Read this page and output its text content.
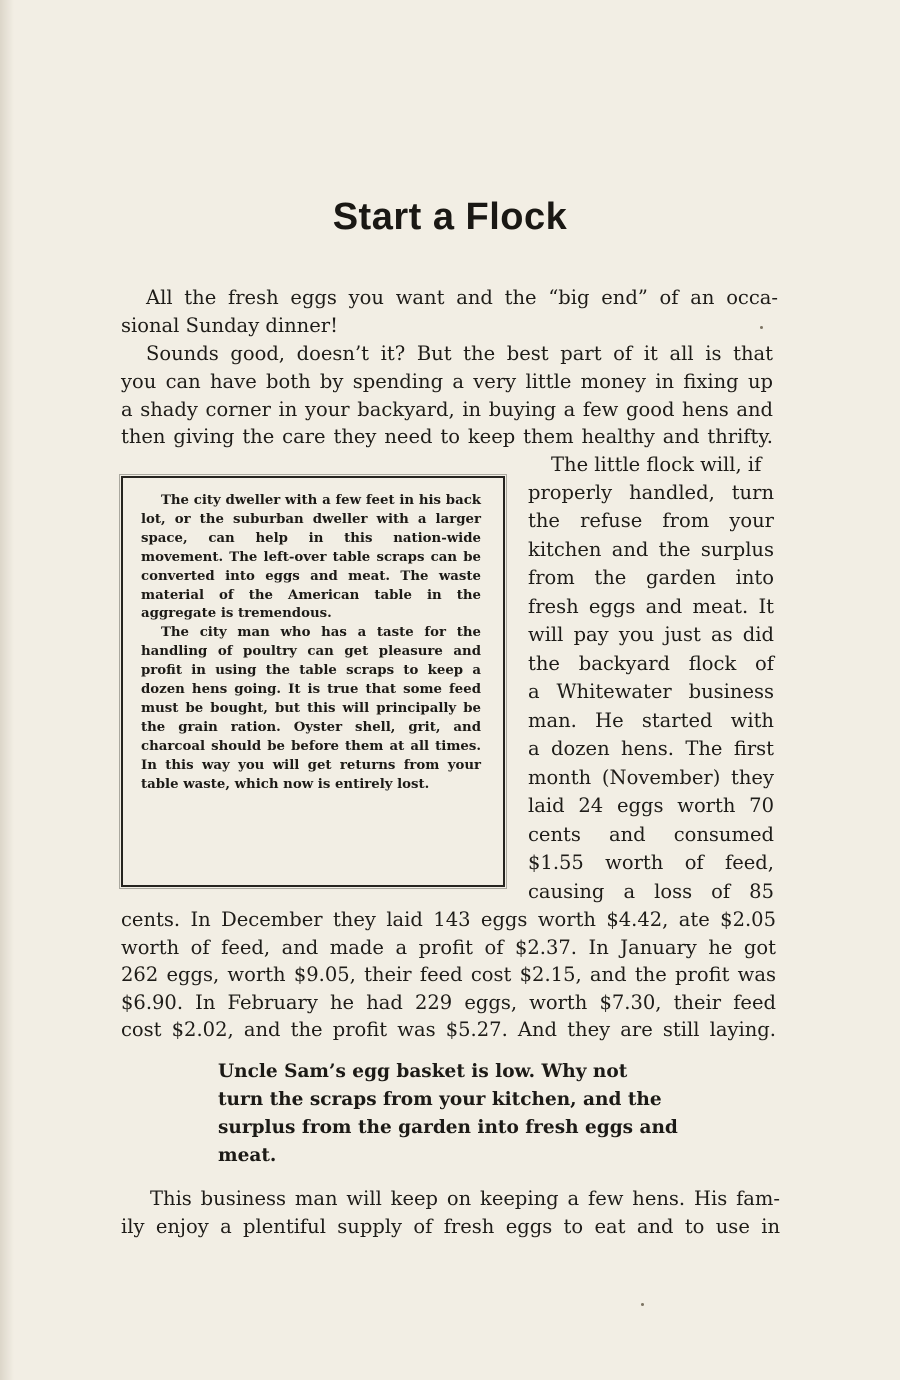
Start a Flock
All the fresh eggs you want and the “big end” of an occa-
sional Sunday dinner!
Sounds good, doesn’t it? But the best part of it all is that
you can have both by spending a very little money in fixing up
a shady corner in your backyard, in buying a few good hens and
then giving the care they need to keep them healthy and thrifty.

The city dweller with a few feet in his back lot, or the suburban dweller with a larger space, can help in this nation-wide movement. The left-over table scraps can be converted into eggs and meat. The waste material of the American table in the aggregate is tremendous.

The city man who has a taste for the handling of poultry can get pleasure and profit in using the table scraps to keep a dozen hens going. It is true that some feed must be bought, but this will principally be the grain ration. Oyster shell, grit, and charcoal should be before them at all times. In this way you will get returns from your table waste, which now is entirely lost.

The little flock will, if
properly handled, turn
the refuse from your
kitchen and the surplus
from the garden into
fresh eggs and meat. It
will pay you just as did
the backyard flock of
a Whitewater business
man. He started with
a dozen hens. The first
month (November) they
laid 24 eggs worth 70
cents and consumed
$1.55 worth of feed,
causing a loss of 85
cents. In December they laid 143 eggs worth $4.42, ate $2.05
worth of feed, and made a profit of $2.37. In January he got
262 eggs, worth $9.05, their feed cost $2.15, and the profit was
$6.90. In February he had 229 eggs, worth $7.30, their feed
cost $2.02, and the profit was $5.27. And they are still laying.
Uncle Sam’s egg basket is low. Why not
turn the scraps from your kitchen, and the
surplus from the garden into fresh eggs and
meat.
This business man will keep on keeping a few hens. His fam-
ily enjoy a plentiful supply of fresh eggs to eat and to use in
